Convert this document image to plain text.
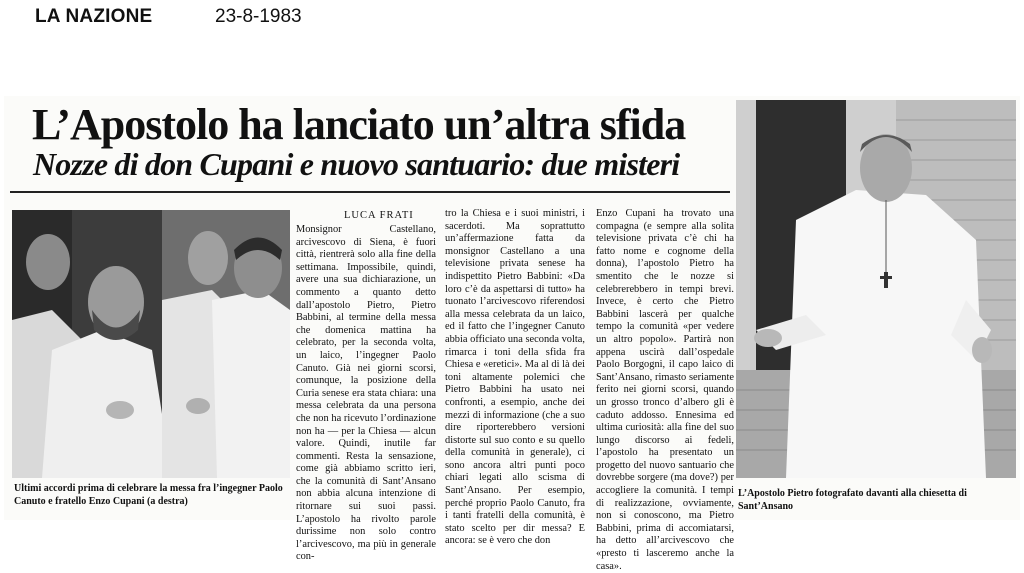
LA NAZIONE	23-8-1983
L’Apostolo ha lanciato un’altra sfida
Nozze di don Cupani e nuovo santuario: due misteri
Ultimi accordi prima di celebrare la messa fra l’ingegner Paolo Canuto e fratello Enzo Cupani (a destra)
LUCA FRATI
Monsignor Castellano, arcivescovo di Siena, è fuori città, rientrerà solo alla fine della settimana. Impossibile, quindi, avere una sua dichiarazione, un commento a quanto detto dall’apostolo Pietro, Pietro Babbini, al termine della messa che domenica mattina ha celebrato, per la seconda volta, un laico, l’ingegner Paolo Canuto. Già nei giorni scorsi, comunque, la posizione della Curia senese era stata chiara: una messa celebrata da una persona che non ha ricevuto l’ordinazione non ha — per la Chiesa — alcun valore. Quindi, inutile far commenti. Resta la sensazione, come già abbiamo scritto ieri, che la comunità di Sant’Ansano non abbia alcuna intenzione di ritornare sui suoi passi. L’apostolo ha rivolto parole durissime non solo contro l’arcivescovo, ma più in generale con-
tro la Chiesa e i suoi ministri, i sacerdoti. Ma soprattutto un’affermazione fatta da monsignor Castellano a una televisione privata senese ha indispettito Pietro Babbini: «Da loro c’è da aspettarsi di tutto» ha tuonato l’arcivescovo riferendosi alla messa celebrata da un laico, ed il fatto che l’ingegner Canuto abbia officiato una seconda volta, rimarca i toni della sfida fra Chiesa e «eretici». Ma al di là dei toni altamente polemici che Pietro Babbini ha usato nei confronti, a esempio, anche dei mezzi di informazione (che a suo dire riporterebbero versioni distorte sul suo conto e su quello della comunità in generale), ci sono ancora altri punti poco chiari legati allo scisma di Sant’Ansano. Per esempio, perché proprio Paolo Canuto, fra i tanti fratelli della comunità, è stato scelto per dir messa? E ancora: se è vero che don
Enzo Cupani ha trovato una compagna (e sempre alla solita televisione privata c’è chi ha fatto nome e cognome della donna), l’apostolo Pietro ha smentito che le nozze si celebrerebbero in tempi brevi. Invece, è certo che Pietro Babbini lascerà per qualche tempo la comunità «per vedere un altro popolo». Partirà non appena uscirà dall’ospedale Paolo Borgogni, il capo laico di Sant’Ansano, rimasto seriamente ferito nei giorni scorsi, quando un grosso tronco d’albero gli è caduto addosso. Ennesima ed ultima curiosità: alla fine del suo lungo discorso ai fedeli, l’apostolo ha presentato un progetto del nuovo santuario che dovrebbe sorgere (ma dove?) per accogliere la comunità. I tempi di realizzazione, ovviamente, non si conoscono, ma Pietro Babbini, prima di accomiatarsi, ha detto all’arcivescovo che «presto ti lasceremo anche la casa».
L’Apostolo Pietro fotografato davanti alla chiesetta di Sant’Ansano
